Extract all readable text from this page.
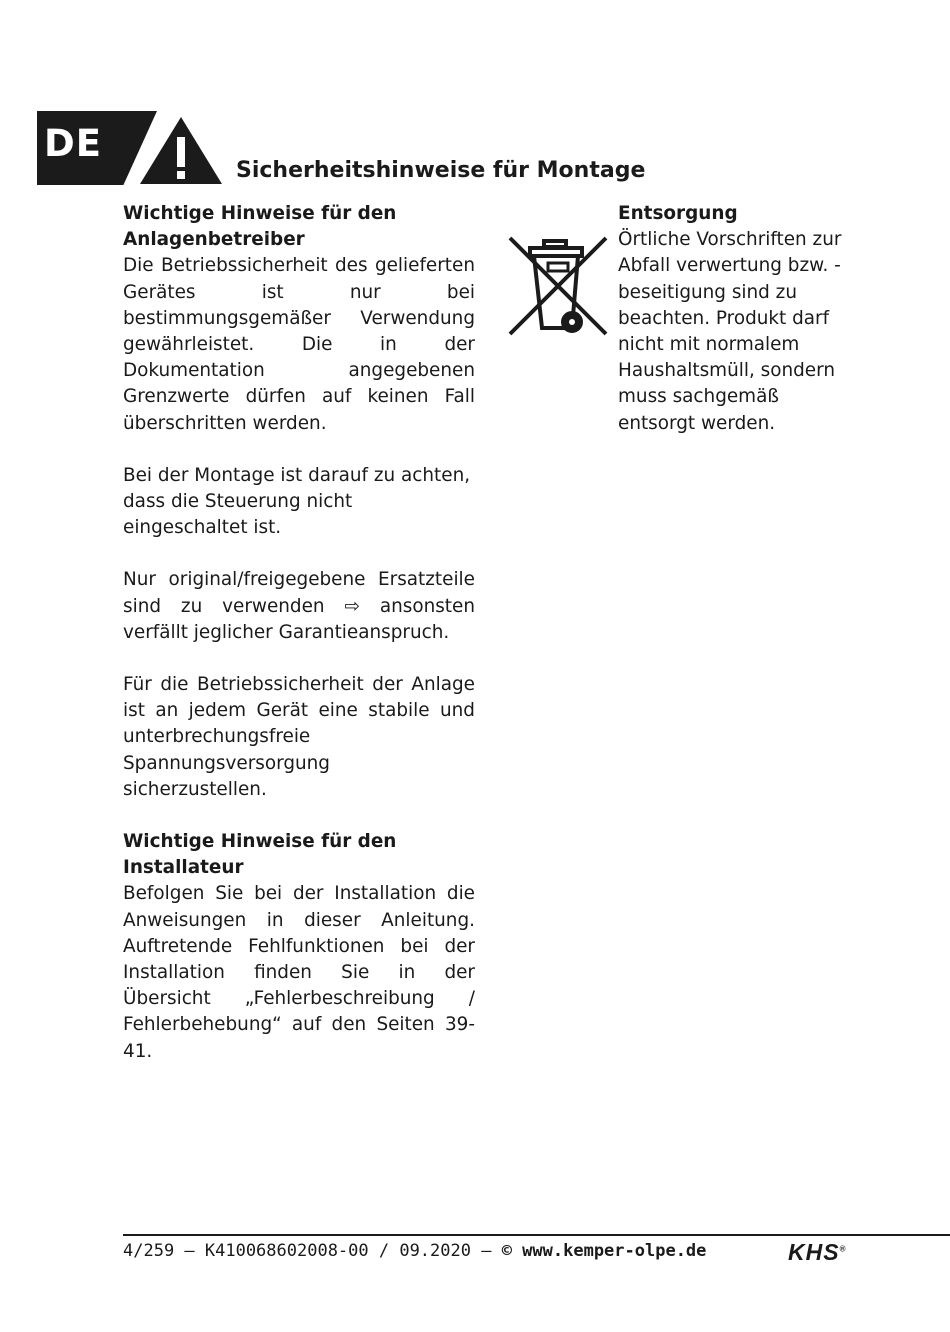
DE
Sicherheitshinweise für Montage
Wichtige Hinweise für den Anlagenbetreiber

Die Betriebssicherheit des gelieferten Gerätes ist nur bei bestimmungsgemäßer Verwendung gewährleistet. Die in der Dokumentation angegebenen Grenzwerte dürfen auf keinen Fall überschritten werden.

Bei der Montage ist darauf zu achten, dass die Steuerung nicht eingeschaltet ist.

Nur original/freigegebene Ersatzteile sind zu verwenden ⇨ ansonsten verfällt jeglicher Garantieanspruch.

Für die Betriebssicherheit der Anlage ist an jedem Gerät eine stabile und unterbrechungsfreie Spannungsversorgung sicherzustellen.

Wichtige Hinweise für den Installateur

Befolgen Sie bei der Installation die Anweisungen in dieser Anleitung. Auftretende Fehlfunktionen bei der Installation finden Sie in der Übersicht „Fehlerbeschreibung / Fehlerbehebung“ auf den Seiten 39-41.

Entsorgung

Örtliche Vorschriften zur Abfall verwertung bzw. -beseitigung sind zu beachten. Produkt darf nicht mit normalem Haushaltsmüll, sondern muss sachgemäß entsorgt werden.

4/259 – K410068602008-00 / 09.2020 – © www.kemper-olpe.de	KHS®
